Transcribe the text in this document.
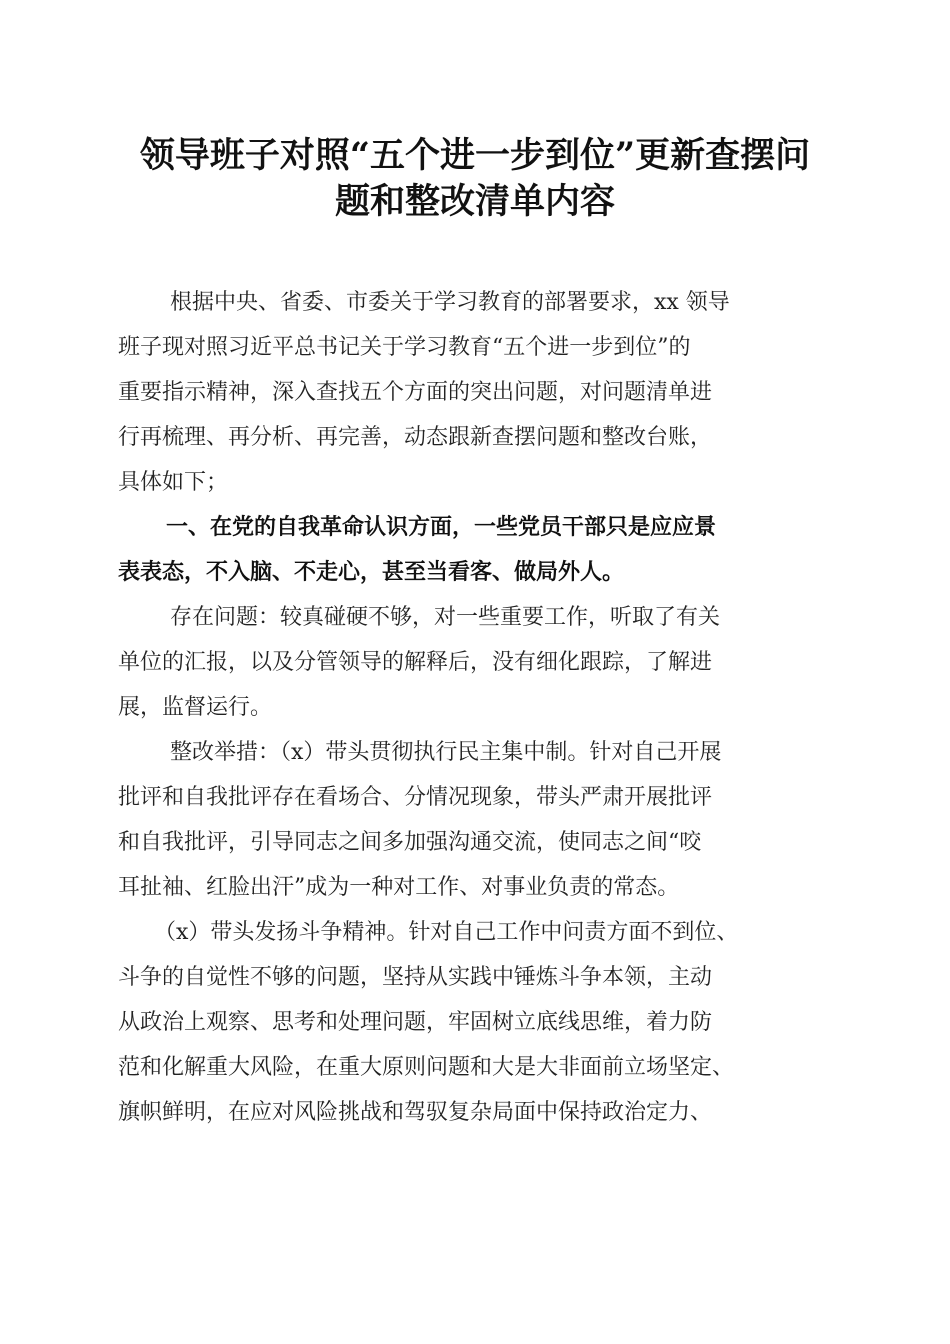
领导班子对照“五个进一步到位”更新查摆问
题和整改清单内容
根据中央、省委、市委关于学习教育的部署要求，xx 领导
班子现对照习近平总书记关于学习教育“五个进一步到位”的
重要指示精神，深入查找五个方面的突出问题，对问题清单进
行再梳理、再分析、再完善，动态跟新查摆问题和整改台账，
具体如下；
一、在党的自我革命认识方面，一些党员干部只是应应景
表表态，不入脑、不走心，甚至当看客、做局外人。
存在问题：较真碰硬不够，对一些重要工作，听取了有关
单位的汇报，以及分管领导的解释后，没有细化跟踪，了解进
展，监督运行。
整改举措：（x）带头贯彻执行民主集中制。针对自己开展
批评和自我批评存在看场合、分情况现象，带头严肃开展批评
和自我批评，引导同志之间多加强沟通交流，使同志之间“咬
耳扯袖、红脸出汗”成为一种对工作、对事业负责的常态。
（x）带头发扬斗争精神。针对自己工作中问责方面不到位、
斗争的自觉性不够的问题，坚持从实践中锤炼斗争本领，主动
从政治上观察、思考和处理问题，牢固树立底线思维，着力防
范和化解重大风险，在重大原则问题和大是大非面前立场坚定、
旗帜鲜明，在应对风险挑战和驾驭复杂局面中保持政治定力、
